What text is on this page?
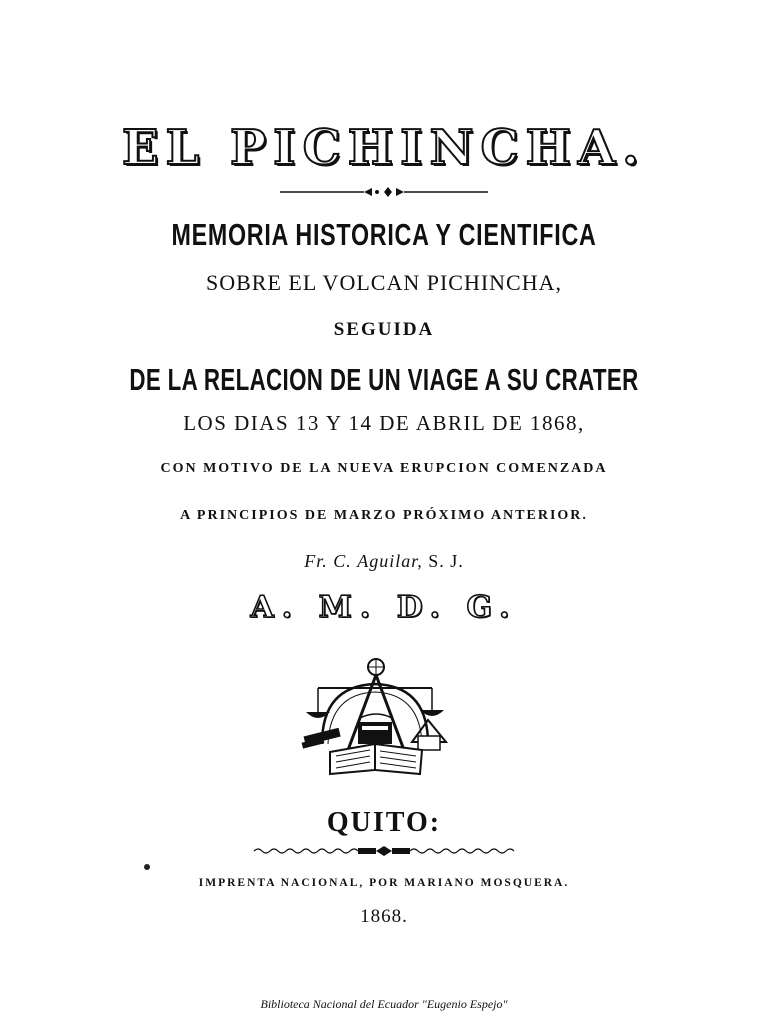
EL PICHINCHA.
MEMORIA HISTORICA Y CIENTIFICA
SOBRE EL VOLCAN PICHINCHA,
SEGUIDA
DE LA RELACION DE UN VIAGE A SU CRATER
LOS DIAS 13 Y 14 DE ABRIL DE 1868,
CON MOTIVO DE LA NUEVA ERUPCION COMENZADA
A PRINCIPIOS DE MARZO PRÓXIMO ANTERIOR.
Fr. C. Aguilar, S. J.
A. M. D. G.
QUITO:
IMPRENTA NACIONAL, POR MARIANO MOSQUERA.
1868.
Biblioteca Nacional del Ecuador "Eugenio Espejo"
